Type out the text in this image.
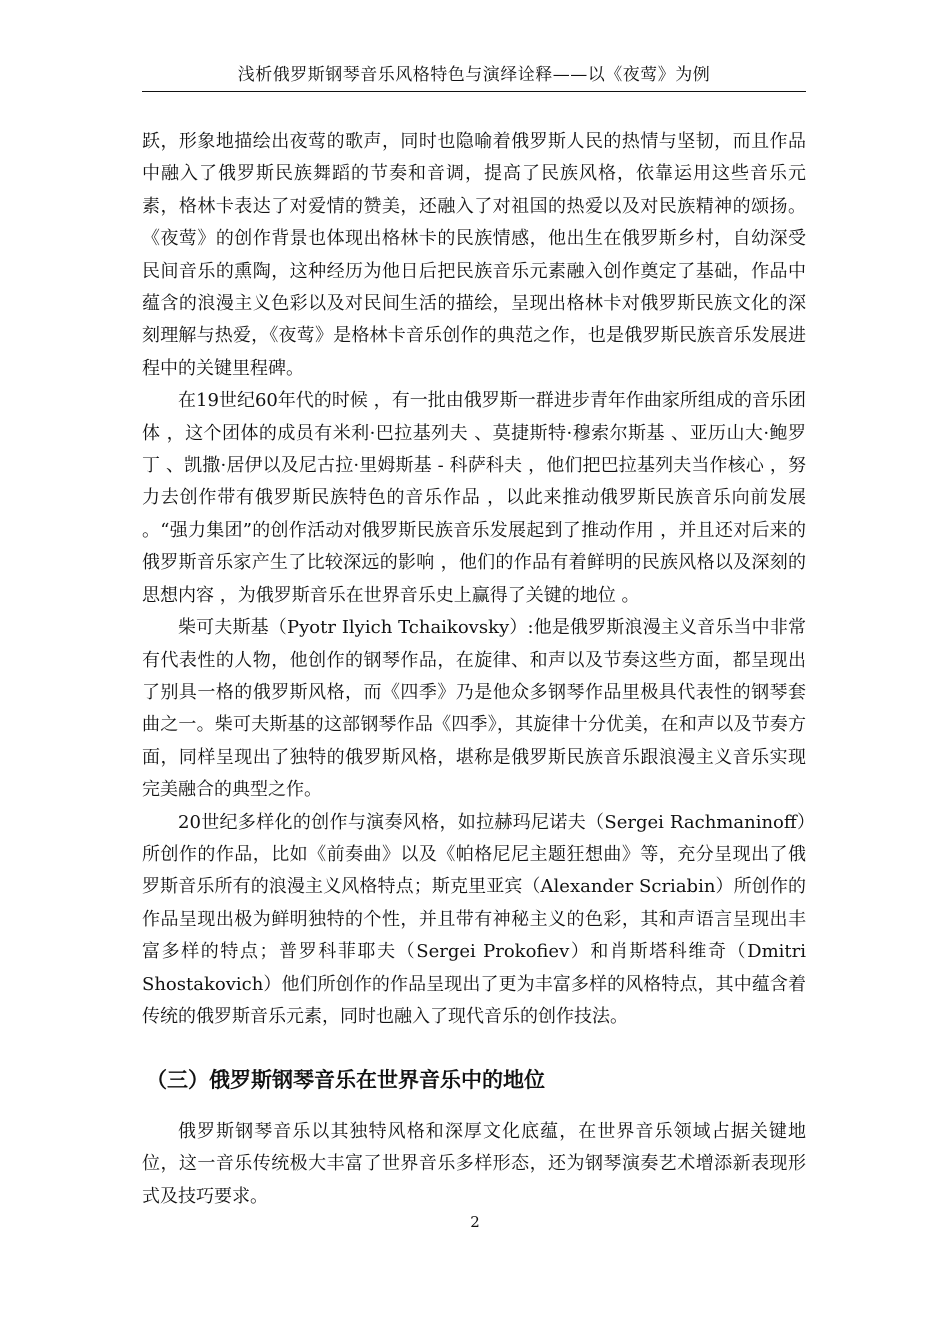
浅析俄罗斯钢琴音乐风格特色与演绎诠释——以《夜莺》为例

跃，形象地描绘出夜莺的歌声，同时也隐喻着俄罗斯人民的热情与坚韧，而且作品中融入了俄罗斯民族舞蹈的节奏和音调，提高了民族风格，依靠运用这些音乐元素，格林卡表达了对爱情的赞美，还融入了对祖国的热爱以及对民族精神的颂扬。《夜莺》的创作背景也体现出格林卡的民族情感，他出生在俄罗斯乡村，自幼深受民间音乐的熏陶，这种经历为他日后把民族音乐元素融入创作奠定了基础，作品中蕴含的浪漫主义色彩以及对民间生活的描绘，呈现出格林卡对俄罗斯民族文化的深刻理解与热爱，《夜莺》是格林卡音乐创作的典范之作，也是俄罗斯民族音乐发展进程中的关键里程碑。

在19世纪60年代的时候 ，有一批由俄罗斯一群进步青年作曲家所组成的音乐团体 ，这个团体的成员有米利·巴拉基列夫 、莫捷斯特·穆索尔斯基 、亚历山大·鲍罗丁 、凯撒·居伊以及尼古拉·里姆斯基 - 科萨科夫 ，他们把巴拉基列夫当作核心 ，努力去创作带有俄罗斯民族特色的音乐作品 ，以此来推动俄罗斯民族音乐向前发展 。“强力集团”的创作活动对俄罗斯民族音乐发展起到了推动作用 ，并且还对后来的俄罗斯音乐家产生了比较深远的影响 ，他们的作品有着鲜明的民族风格以及深刻的思想内容 ，为俄罗斯音乐在世界音乐史上赢得了关键的地位 。

柴可夫斯基（Pyotr Ilyich Tchaikovsky）:他是俄罗斯浪漫主义音乐当中非常有代表性的人物，他创作的钢琴作品，在旋律、和声以及节奏这些方面，都呈现出了别具一格的俄罗斯风格，而《四季》乃是他众多钢琴作品里极具代表性的钢琴套曲之一。柴可夫斯基的这部钢琴作品《四季》，其旋律十分优美，在和声以及节奏方面，同样呈现出了独特的俄罗斯风格，堪称是俄罗斯民族音乐跟浪漫主义音乐实现完美融合的典型之作。

20世纪多样化的创作与演奏风格，如拉赫玛尼诺夫（Sergei Rachmaninoff）所创作的作品，比如《前奏曲》以及《帕格尼尼主题狂想曲》等，充分呈现出了俄罗斯音乐所有的浪漫主义风格特点；斯克里亚宾（Alexander Scriabin）所创作的作品呈现出极为鲜明独特的个性，并且带有神秘主义的色彩，其和声语言呈现出丰富多样的特点；普罗科菲耶夫（Sergei Prokofiev）和肖斯塔科维奇（Dmitri Shostakovich）他们所创作的作品呈现出了更为丰富多样的风格特点，其中蕴含着传统的俄罗斯音乐元素，同时也融入了现代音乐的创作技法。

（三）俄罗斯钢琴音乐在世界音乐中的地位

俄罗斯钢琴音乐以其独特风格和深厚文化底蕴，在世界音乐领域占据关键地位，这一音乐传统极大丰富了世界音乐多样形态，还为钢琴演奏艺术增添新表现形式及技巧要求。

2
